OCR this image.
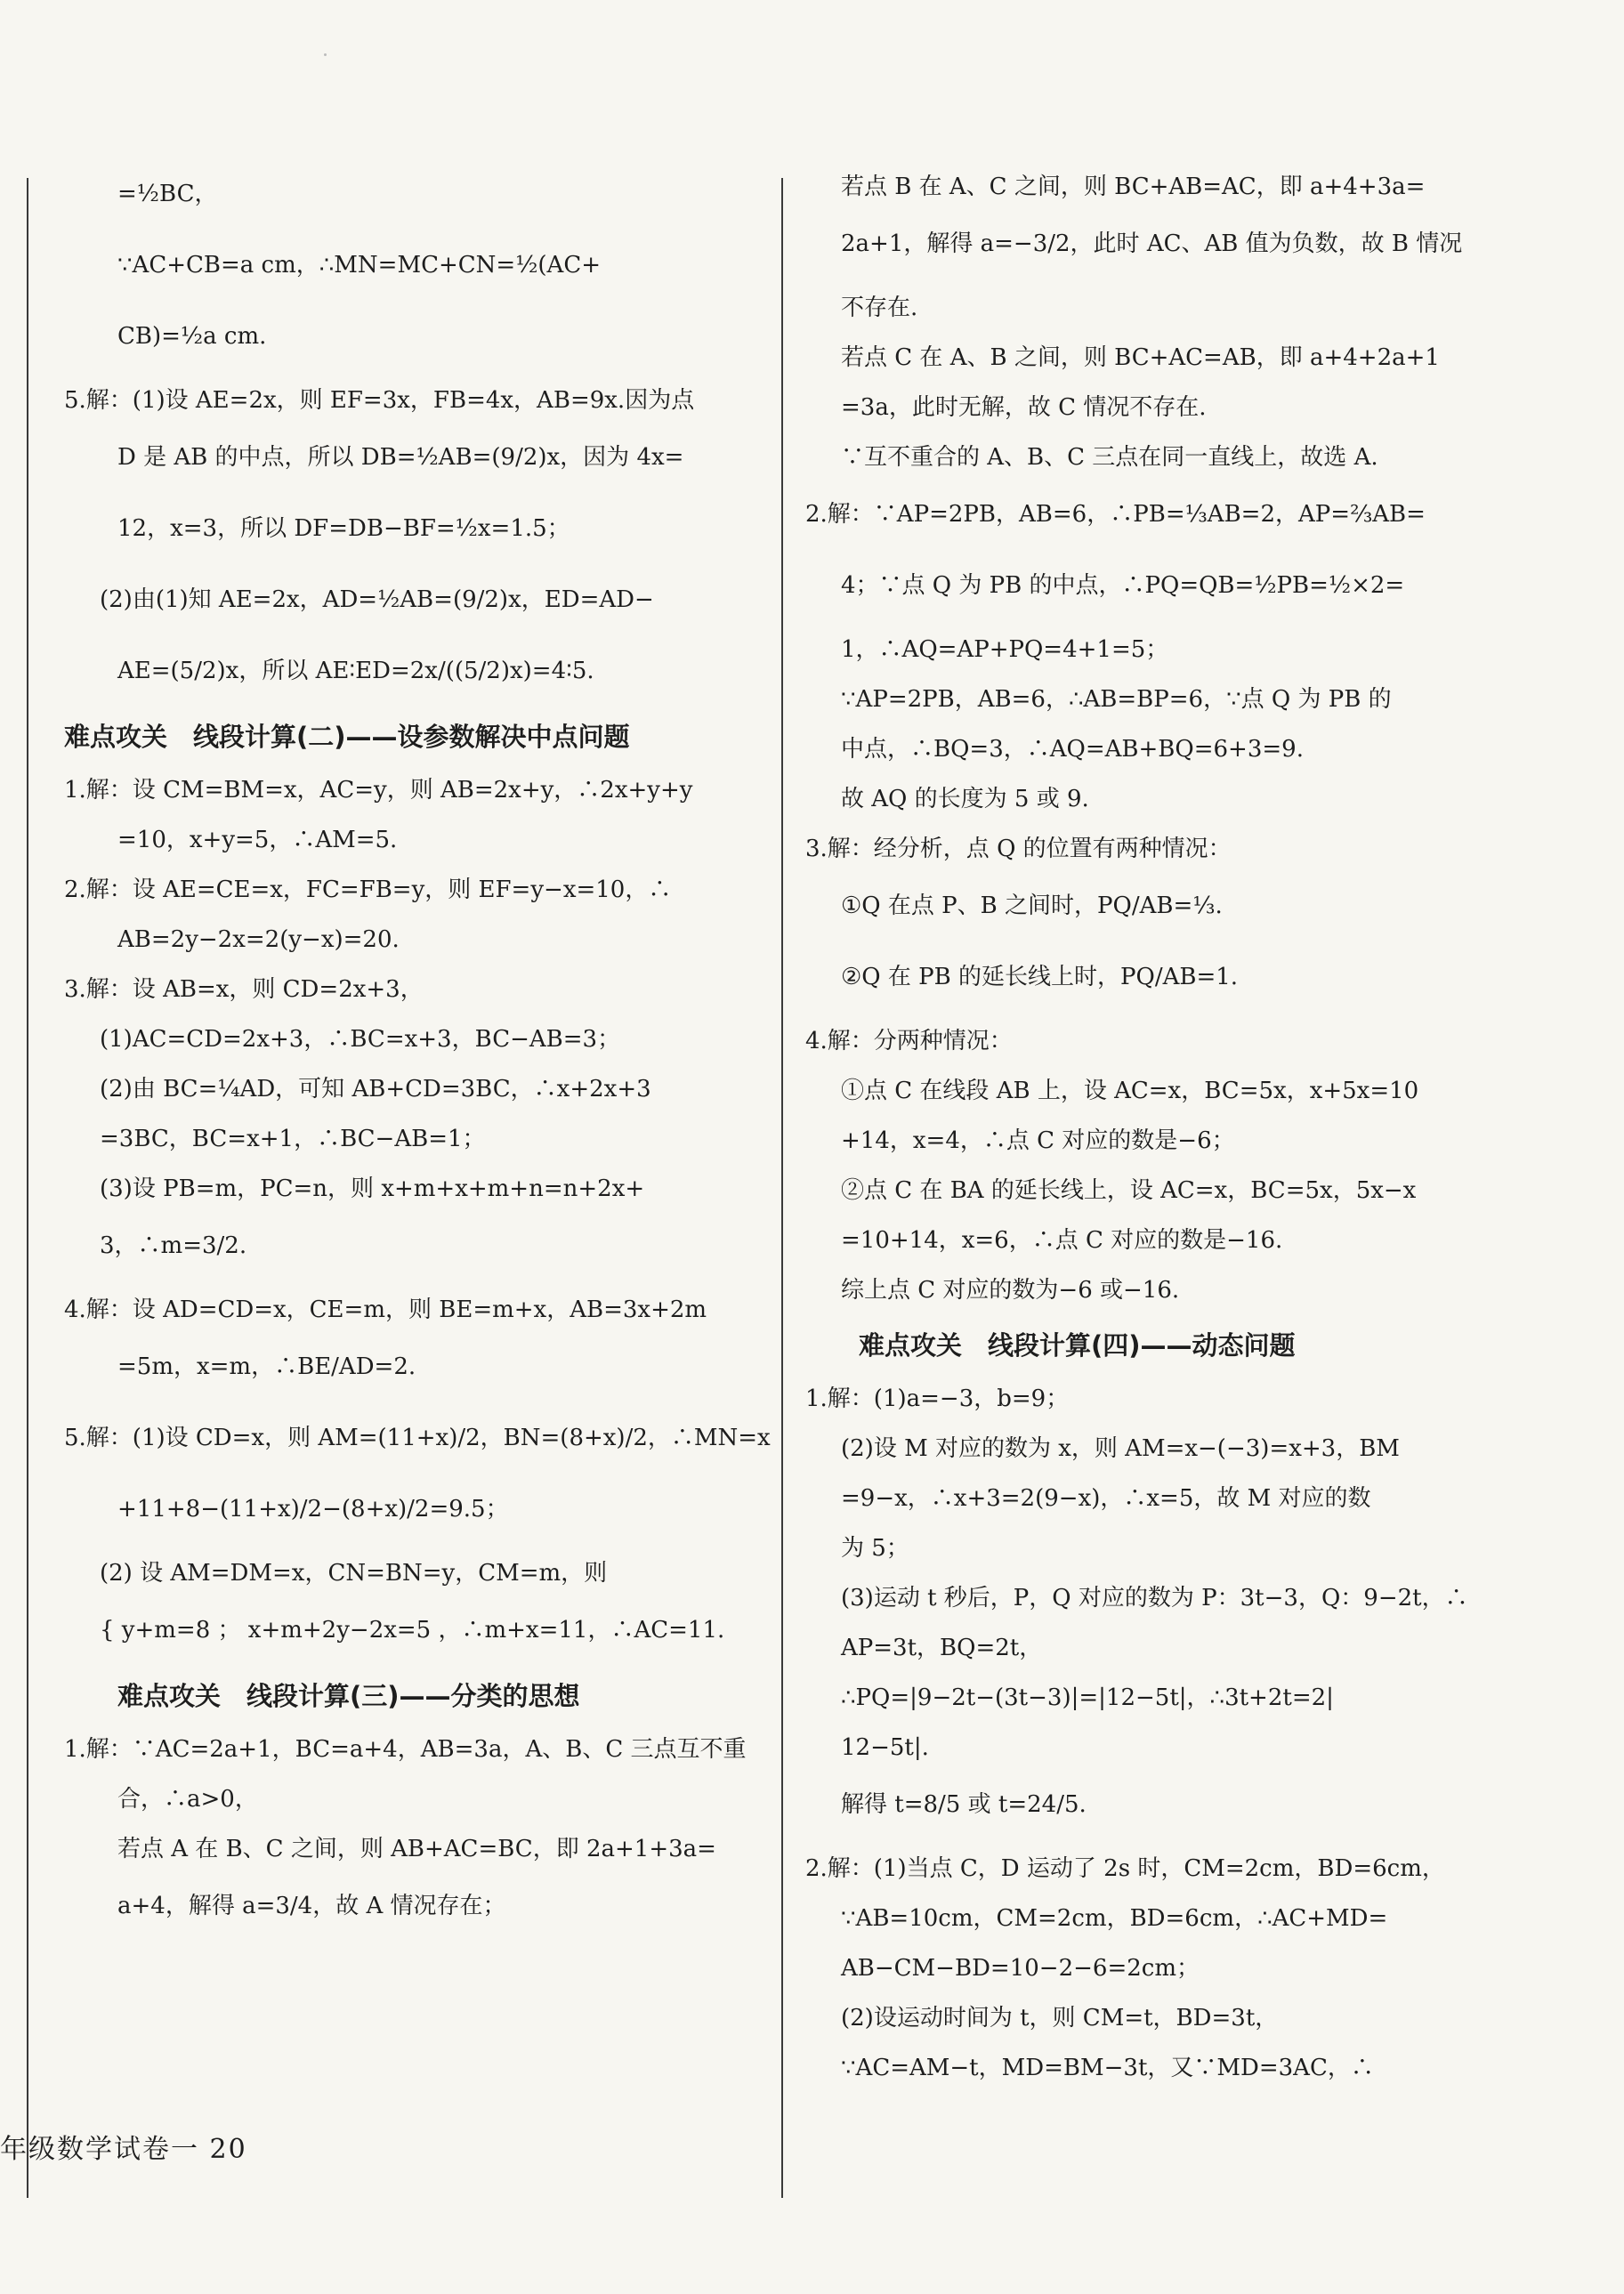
=½BC，
∵AC+CB=a cm，∴MN=MC+CN=½(AC+
CB)=½a cm.
5.解：(1)设 AE=2x，则 EF=3x，FB=4x，AB=9x.因为点
D 是 AB 的中点，所以 DB=½AB=(9/2)x，因为 4x=
12，x=3，所以 DF=DB−BF=½x=1.5；
(2)由(1)知 AE=2x，AD=½AB=(9/2)x，ED=AD−
AE=(5/2)x，所以 AE∶ED=2x/((5/2)x)=4∶5.
难点攻关　线段计算(二)——设参数解决中点问题
1.解：设 CM=BM=x，AC=y，则 AB=2x+y，∴2x+y+y
=10，x+y=5，∴AM=5.
2.解：设 AE=CE=x，FC=FB=y，则 EF=y−x=10，∴
AB=2y−2x=2(y−x)=20.
3.解：设 AB=x，则 CD=2x+3，
(1)AC=CD=2x+3，∴BC=x+3，BC−AB=3；
(2)由 BC=¼AD，可知 AB+CD=3BC，∴x+2x+3
=3BC，BC=x+1，∴BC−AB=1；
(3)设 PB=m，PC=n，则 x+m+x+m+n=n+2x+
3，∴m=3/2.
4.解：设 AD=CD=x，CE=m，则 BE=m+x，AB=3x+2m
=5m，x=m，∴BE/AD=2.
5.解：(1)设 CD=x，则 AM=(11+x)/2，BN=(8+x)/2，∴MN=x
+11+8−(11+x)/2−(8+x)/2=9.5；
(2) 设 AM=DM=x，CN=BN=y，CM=m，则
{ y+m=8 ； x+m+2y−2x=5 ，∴m+x=11，∴AC=11.
难点攻关　线段计算(三)——分类的思想
1.解：∵AC=2a+1，BC=a+4，AB=3a，A、B、C 三点互不重
合，∴a>0，
若点 A 在 B、C 之间，则 AB+AC=BC，即 2a+1+3a=
a+4，解得 a=3/4，故 A 情况存在；
若点 B 在 A、C 之间，则 BC+AB=AC，即 a+4+3a=
2a+1，解得 a=−3/2，此时 AC、AB 值为负数，故 B 情况
不存在.
若点 C 在 A、B 之间，则 BC+AC=AB，即 a+4+2a+1
=3a，此时无解，故 C 情况不存在.
∵互不重合的 A、B、C 三点在同一直线上，故选 A.
2.解：∵AP=2PB，AB=6，∴PB=⅓AB=2，AP=⅔AB=
4；∵点 Q 为 PB 的中点，∴PQ=QB=½PB=½×2=
1，∴AQ=AP+PQ=4+1=5；
∵AP=2PB，AB=6，∴AB=BP=6，∵点 Q 为 PB 的
中点，∴BQ=3，∴AQ=AB+BQ=6+3=9.
故 AQ 的长度为 5 或 9.
3.解：经分析，点 Q 的位置有两种情况：
①Q 在点 P、B 之间时，PQ/AB=⅓.
②Q 在 PB 的延长线上时，PQ/AB=1.
4.解：分两种情况：
①点 C 在线段 AB 上，设 AC=x，BC=5x，x+5x=10
+14，x=4，∴点 C 对应的数是−6；
②点 C 在 BA 的延长线上，设 AC=x，BC=5x，5x−x
=10+14，x=6，∴点 C 对应的数是−16.
综上点 C 对应的数为−6 或−16.
难点攻关　线段计算(四)——动态问题
1.解：(1)a=−3，b=9；
(2)设 M 对应的数为 x，则 AM=x−(−3)=x+3，BM
=9−x，∴x+3=2(9−x)，∴x=5，故 M 对应的数
为 5；
(3)运动 t 秒后，P，Q 对应的数为 P：3t−3，Q：9−2t，∴
AP=3t，BQ=2t，
∴PQ=|9−2t−(3t−3)|=|12−5t|，∴3t+2t=2|
12−5t|.
解得 t=8/5 或 t=24/5.
2.解：(1)当点 C，D 运动了 2s 时，CM=2cm，BD=6cm，
∵AB=10cm，CM=2cm，BD=6cm，∴AC+MD=
AB−CM−BD=10−2−6=2cm；
(2)设运动时间为 t，则 CM=t，BD=3t，
∵AC=AM−t，MD=BM−3t，又∵MD=3AC，∴
年级数学试卷一 20
